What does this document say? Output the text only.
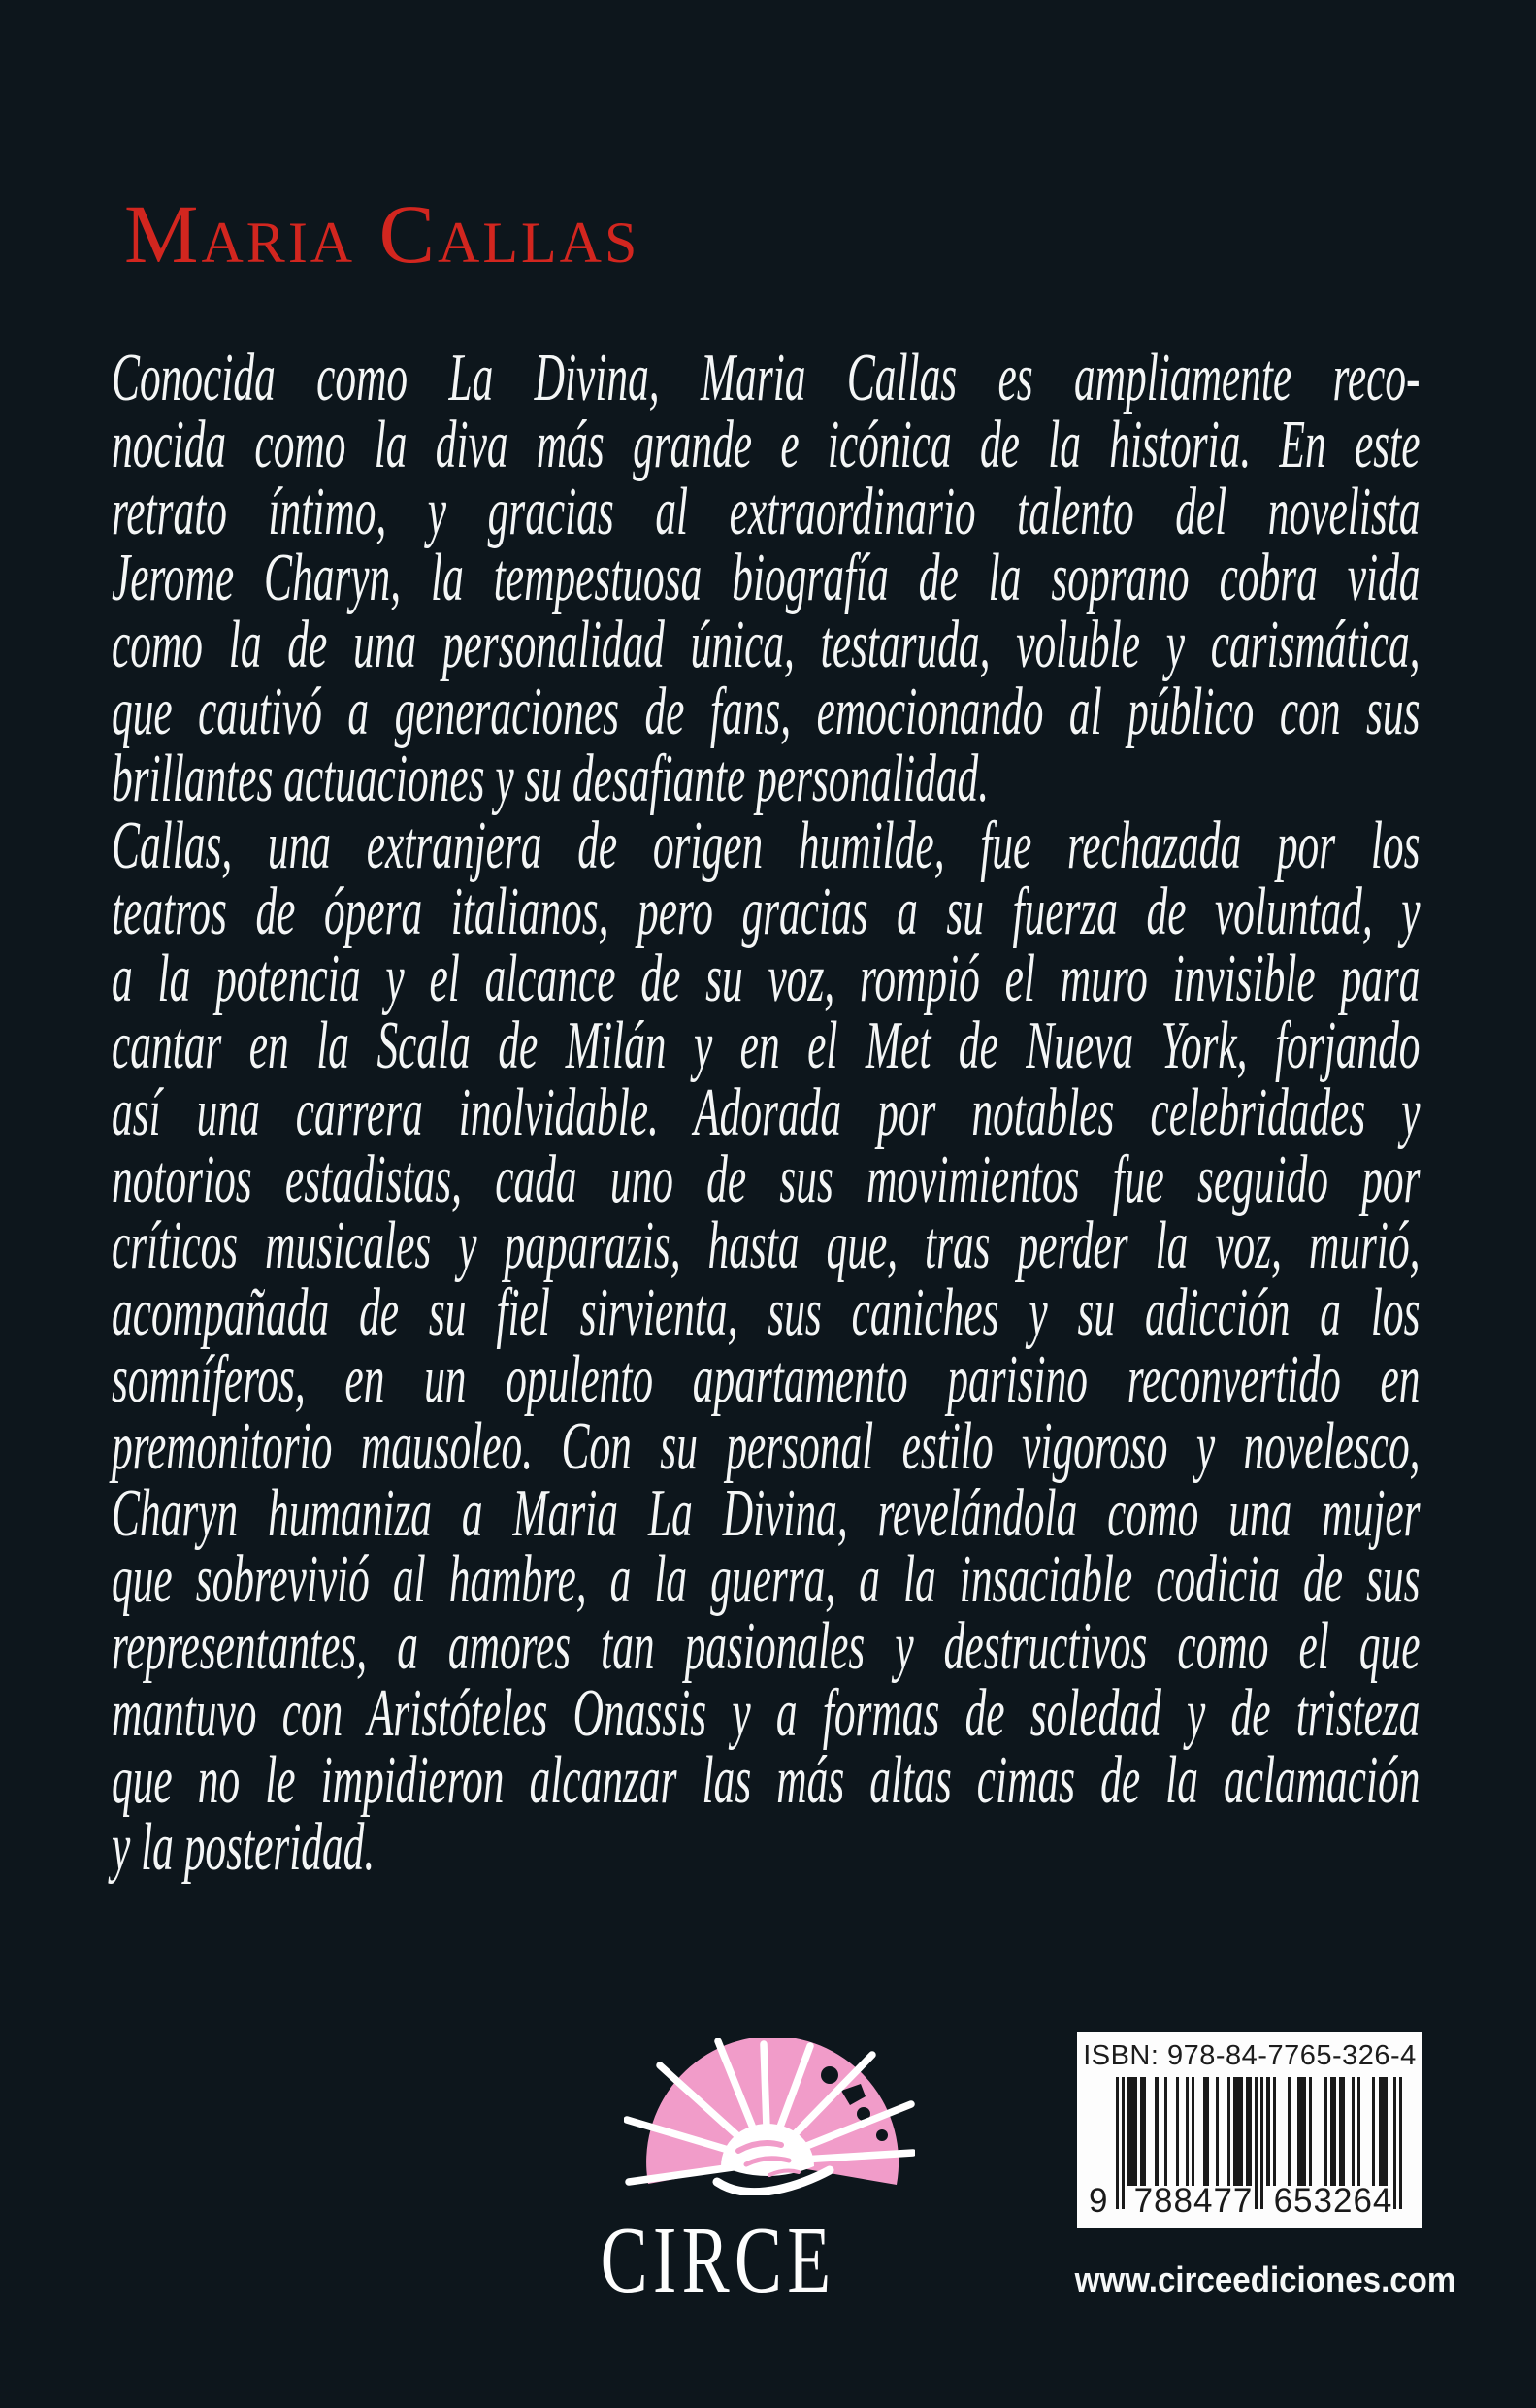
Maria Callas
Conocida como La Divina, Maria Callas es ampliamente reco-
nocida como la diva más grande e icónica de la historia. En este
retrato íntimo, y gracias al extraordinario talento del novelista
Jerome Charyn, la tempestuosa biografía de la soprano cobra vida
como la de una personalidad única, testaruda, voluble y carismática,
que cautivó a generaciones de fans, emocionando al público con sus
brillantes actuaciones y su desafiante personalidad.
Callas, una extranjera de origen humilde, fue rechazada por los
teatros de ópera italianos, pero gracias a su fuerza de voluntad, y
a la potencia y el alcance de su voz, rompió el muro invisible para
cantar en la Scala de Milán y en el Met de Nueva York, forjando
así una carrera inolvidable. Adorada por notables celebridades y
notorios estadistas, cada uno de sus movimientos fue seguido por
críticos musicales y paparazis, hasta que, tras perder la voz, murió,
acompañada de su fiel sirvienta, sus caniches y su adicción a los
somníferos, en un opulento apartamento parisino reconvertido en
premonitorio mausoleo. Con su personal estilo vigoroso y novelesco,
Charyn humaniza a Maria La Divina, revelándola como una mujer
que sobrevivió al hambre, a la guerra, a la insaciable codicia de sus
representantes, a amores tan pasionales y destructivos como el que
mantuvo con Aristóteles Onassis y a formas de soledad y de tristeza
que no le impidieron alcanzar las más altas cimas de la aclamación
y la posteridad.
CIRCE
ISBN: 978-84-7765-326-4
9 788477 653264
www.circeediciones.com
